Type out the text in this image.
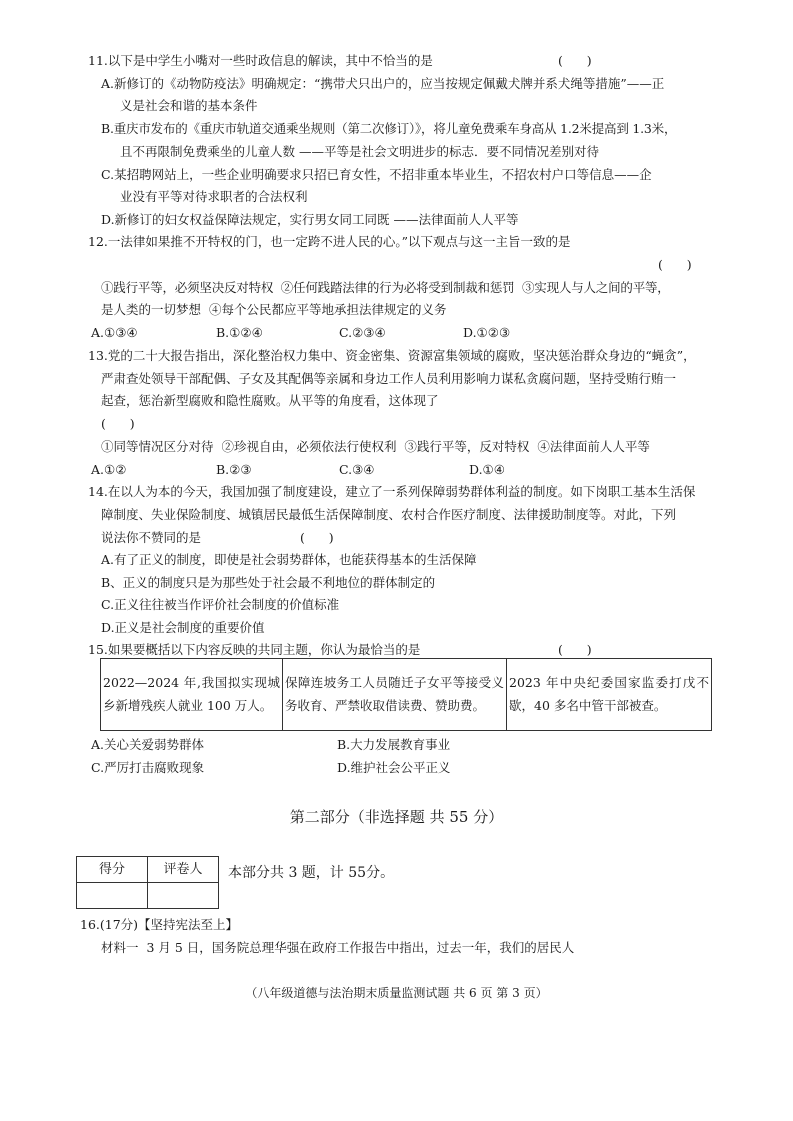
11.以下是中学生小嘴对一些时政信息的解读，其中不恰当的是	(      )
A.新修订的《动物防疫法》明确规定：“携带犬只出户的，应当按规定佩戴犬牌并系犬绳等措施”——正
义是社会和谐的基本条件
B.重庆市发布的《重庆市轨道交通乘坐规则（第二次修订）》，将儿童免费乘车身高从 1.2米提高到 1.3米，
且不再限制免费乘坐的儿童人数 ——平等是社会文明进步的标志．要不同情况差别对待
C.某招聘网站上，一些企业明确要求只招已育女性，不招非重本毕业生，不招农村户口等信息——企
业没有平等对待求职者的合法权利
D.新修订的妇女权益保障法规定，实行男女同工同既 ——法律面前人人平等
12.一法律如果推不开特权的门，也一定跨不进人民的心。”以下观点与这一主旨一致的是
(      )
①践行平等，必须坚决反对特权  ②任何践踏法律的行为必将受到制裁和惩罚  ③实现人与人之间的平等，
是人类的一切梦想  ④每个公民都应平等地承担法律规定的义务
A.①③④	B.①②④	C.②③④	D.①②③
13.党的二十大报告指出，深化整治权力集中、资金密集、资源富集领域的腐败，坚决惩治群众身边的“蝇贪”，
严肃查处领导干部配偶、子女及其配偶等亲属和身边工作人员利用影响力谋私贪腐问题，坚持受贿行贿一
起查，惩治新型腐败和隐性腐败。从平等的角度看，这体现了
(      )
①同等情况区分对待  ②珍视自由，必须依法行使权利  ③践行平等，反对特权  ④法律面前人人平等
A.①②	B.②③	C.③④	D.①④
14.在以人为本的今天，我国加强了制度建设，建立了一系列保障弱势群体利益的制度。如下岗职工基本生活保
障制度、失业保险制度、城镇居民最低生活保障制度、农村合作医疗制度、法律援助制度等。对此，下列
说法你不赞同的是	(      )
A.有了正义的制度，即使是社会弱势群体，也能获得基本的生活保障
B、正义的制度只是为那些处于社会最不利地位的群体制定的
C.正义往往被当作评价社会制度的价值标准
D.正义是社会制度的重要价值
15.如果要概括以下内容反映的共同主题，你认为最恰当的是	(      )
2022—2024 年,我国拟实现城乡新增残疾人就业 100 万人。	保障连坡务工人员随迁子女平等接受义务收育、严禁收取借读费、赞助费。	2023 年中央纪委国家监委打戊不歇，40 多名中管干部被查。
A.关心关爱弱势群体	B.大力发展教育事业
C.严厉打击腐败现象	D.维护社会公平正义
第二部分（非选择题 共 55 分）
得分	评卷人
	本部分共 3 题，计 55分。
16.(17分)【坚持宪法至上】
材料一  3 月 5 日，国务院总理华强在政府工作报告中指出，过去一年，我们的居民人
（八年级道德与法治期末质量监测试题 共 6 页 第 3 页）
